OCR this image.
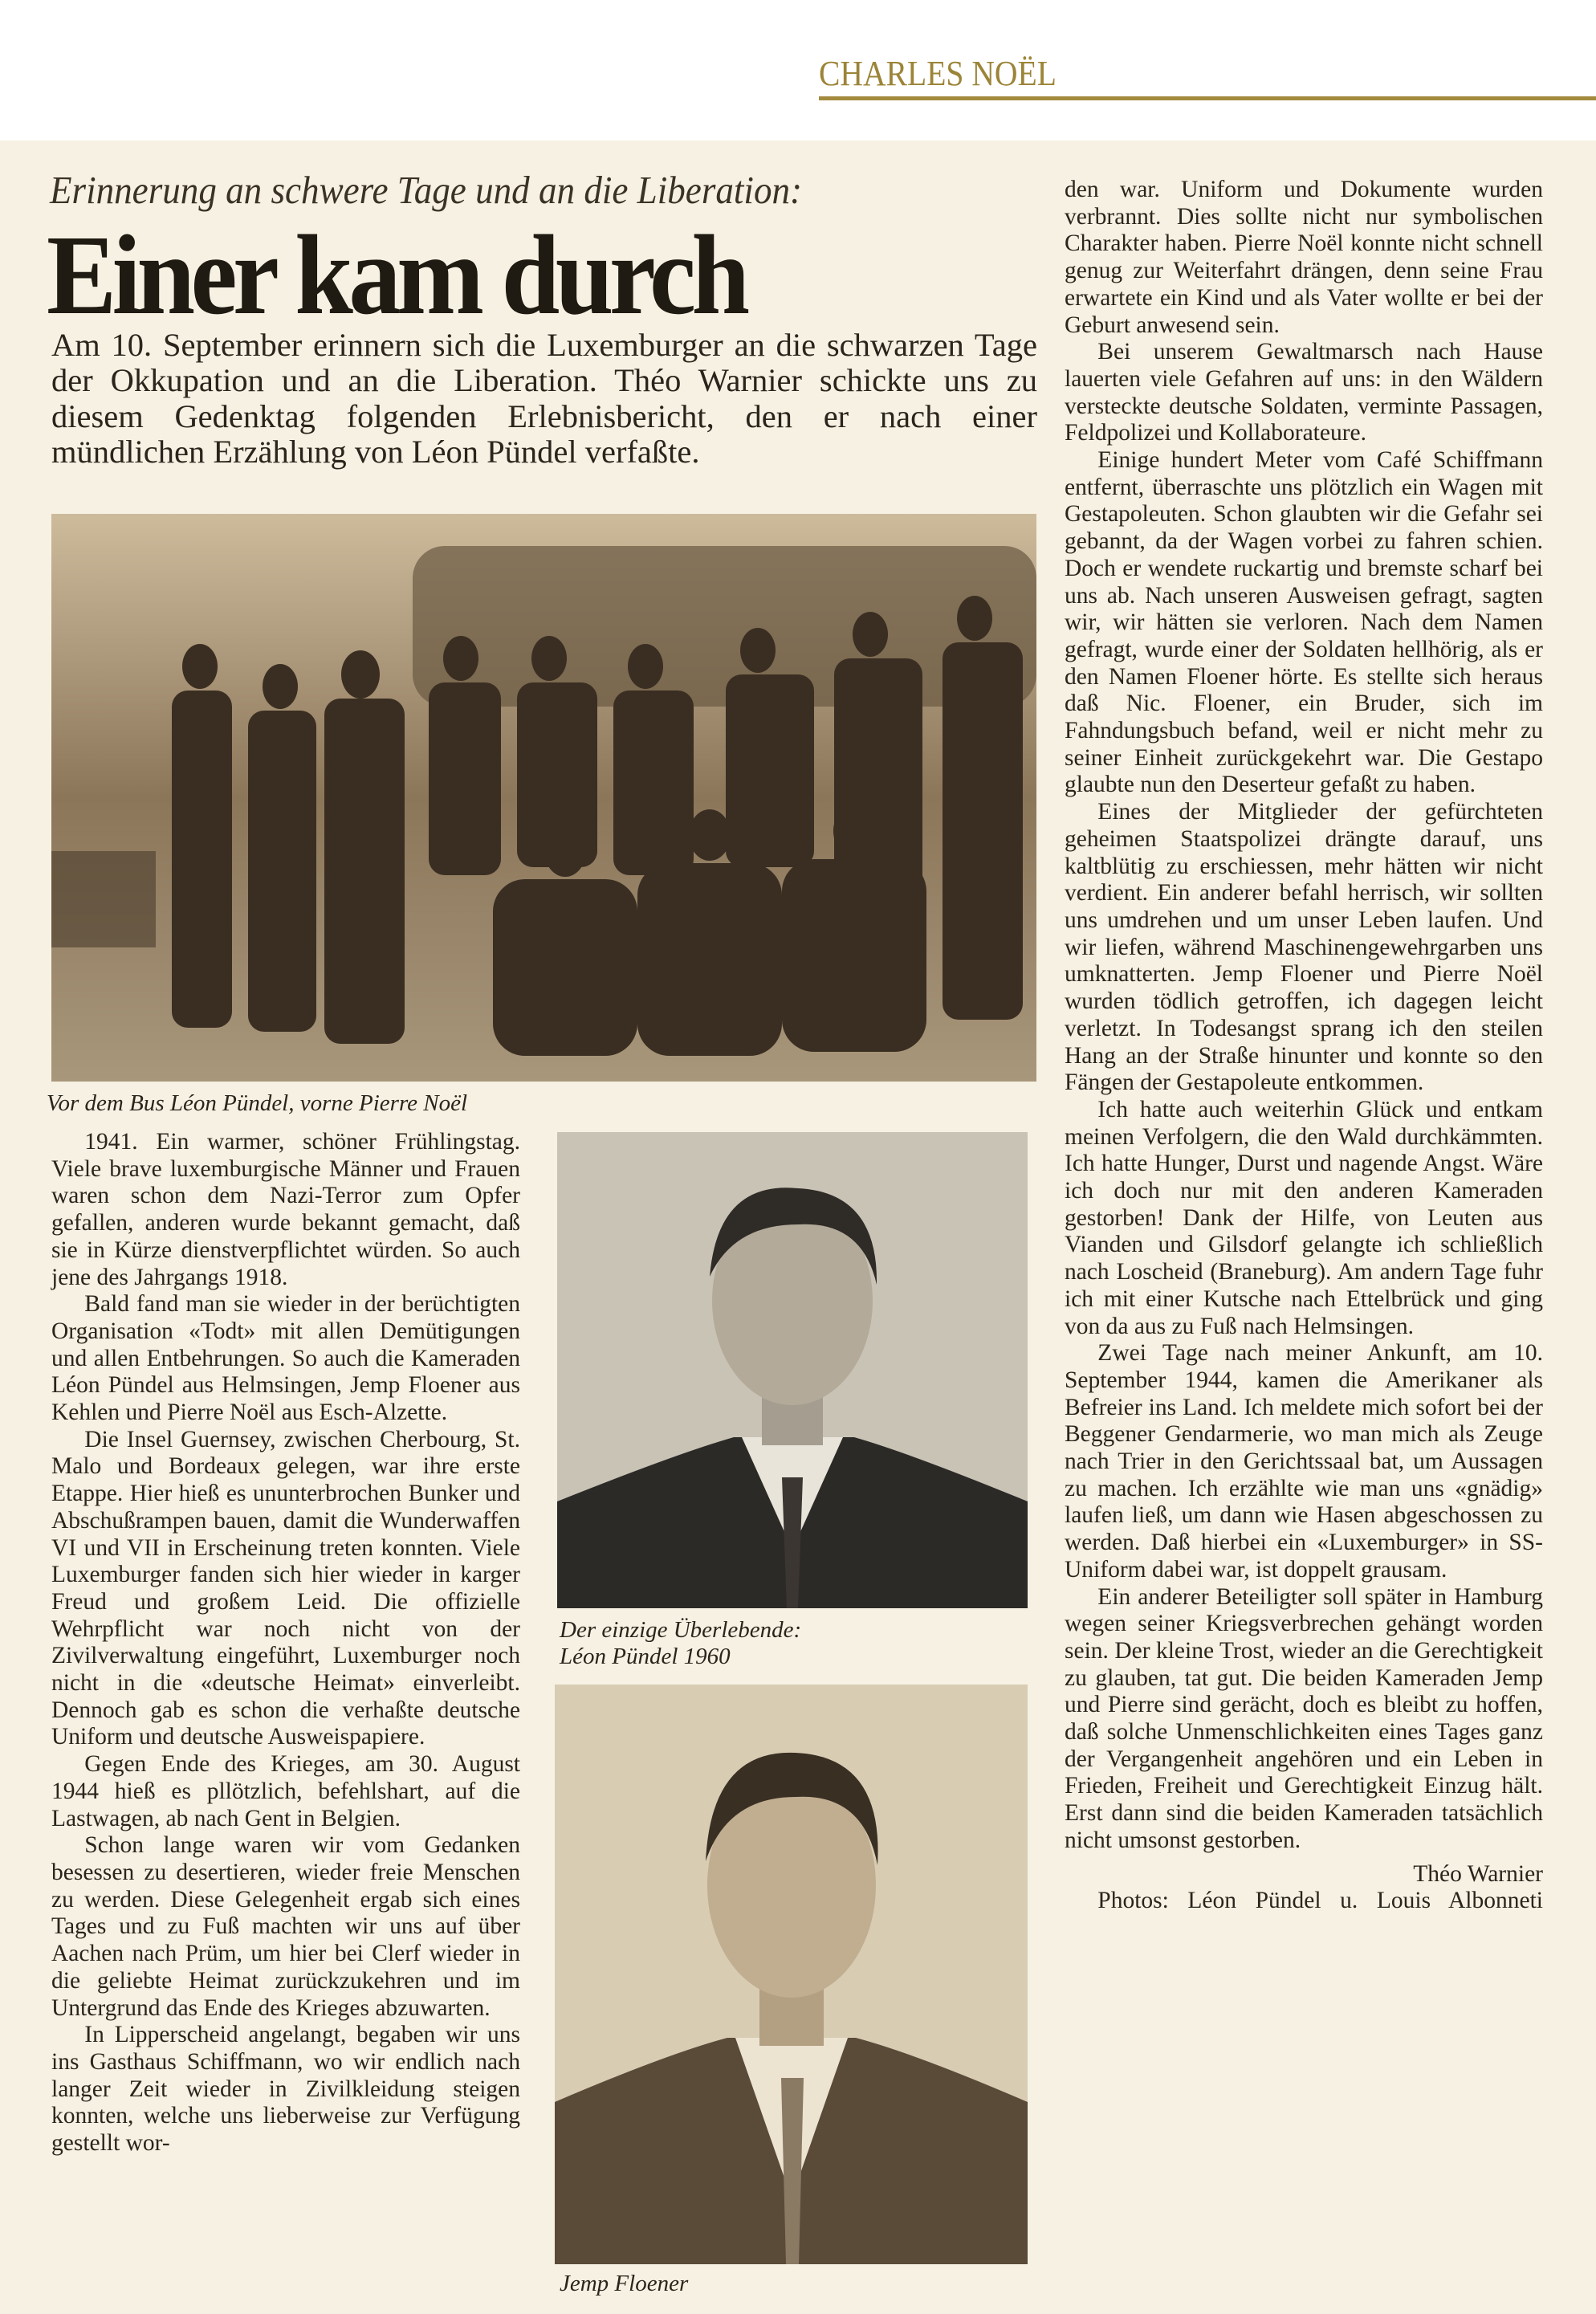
CHARLES NOËL
Erinnerung an schwere Tage und an die Liberation:
Einer kam durch
Am 10. September erinnern sich die Luxemburger an die schwarzen Tage der Okkupation und an die Liberation. Théo Warnier schickte uns zu diesem Gedenktag folgenden Erlebnisbericht, den er nach einer mündlichen Erzählung von Léon Pündel verfaßte.
Vor dem Bus Léon Pündel, vorne Pierre Noël
Der einzige Überlebende:
Léon Pündel 1960
Jemp Floener

1941. Ein warmer, schöner Frühlingstag. Viele brave luxemburgische Männer und Frauen waren schon dem Nazi-Terror zum Opfer gefallen, anderen wurde bekannt gemacht, daß sie in Kürze dienstverpflichtet würden. So auch jene des Jahrgangs 1918.

Bald fand man sie wieder in der berüchtigten Organisation «Todt» mit allen Demütigungen und allen Entbehrungen. So auch die Kameraden Léon Pündel aus Helmsingen, Jemp Floener aus Kehlen und Pierre Noël aus Esch-Alzette.

Die Insel Guernsey, zwischen Cherbourg, St. Malo und Bordeaux gelegen, war ihre erste Etappe. Hier hieß es ununterbrochen Bunker und Abschußrampen bauen, damit die Wunderwaffen VI und VII in Erscheinung treten konnten. Viele Luxemburger fanden sich hier wieder in karger Freud und großem Leid. Die offizielle Wehrpflicht war noch nicht von der Zivilverwaltung eingeführt, Luxemburger noch nicht in die «deutsche Heimat» einverleibt. Dennoch gab es schon die verhaßte deutsche Uniform und deutsche Ausweispapiere.

Gegen Ende des Krieges, am 30. August 1944 hieß es pllötzlich, befehlshart, auf die Lastwagen, ab nach Gent in Belgien.

Schon lange waren wir vom Gedanken besessen zu desertieren, wieder freie Menschen zu werden. Diese Gelegenheit ergab sich eines Tages und zu Fuß machten wir uns auf über Aachen nach Prüm, um hier bei Clerf wieder in die geliebte Heimat zurückzukehren und im Untergrund das Ende des Krieges abzuwarten.

In Lipperscheid angelangt, begaben wir uns ins Gasthaus Schiffmann, wo wir endlich nach langer Zeit wieder in Zivilkleidung steigen konnten, welche uns lieberweise zur Verfügung gestellt wor-

den war. Uniform und Dokumente wurden verbrannt. Dies sollte nicht nur symbolischen Charakter haben. Pierre Noël konnte nicht schnell genug zur Weiterfahrt drängen, denn seine Frau erwartete ein Kind und als Vater wollte er bei der Geburt anwesend sein.

Bei unserem Gewaltmarsch nach Hause lauerten viele Gefahren auf uns: in den Wäldern versteckte deutsche Soldaten, verminte Passagen, Feldpolizei und Kollaborateure.

Einige hundert Meter vom Café Schiffmann entfernt, überraschte uns plötzlich ein Wagen mit Gestapoleuten. Schon glaubten wir die Gefahr sei gebannt, da der Wagen vorbei zu fahren schien. Doch er wendete ruckartig und bremste scharf bei uns ab. Nach unseren Ausweisen gefragt, sagten wir, wir hätten sie verloren. Nach dem Namen gefragt, wurde einer der Soldaten hellhörig, als er den Namen Floener hörte. Es stellte sich heraus daß Nic. Floener, ein Bruder, sich im Fahndungsbuch befand, weil er nicht mehr zu seiner Einheit zurückgekehrt war. Die Gestapo glaubte nun den Deserteur gefaßt zu haben.

Eines der Mitglieder der gefürchteten geheimen Staatspolizei drängte darauf, uns kaltblütig zu erschiessen, mehr hätten wir nicht verdient. Ein anderer befahl herrisch, wir sollten uns umdrehen und um unser Leben laufen. Und wir liefen, während Maschinengewehrgarben uns umknatterten. Jemp Floener und Pierre Noël wurden tödlich getroffen, ich dagegen leicht verletzt. In Todesangst sprang ich den steilen Hang an der Straße hinunter und konnte so den Fängen der Gestapoleute entkommen.

Ich hatte auch weiterhin Glück und entkam meinen Verfolgern, die den Wald durchkämmten. Ich hatte Hunger, Durst und nagende Angst. Wäre ich doch nur mit den anderen Kameraden gestorben! Dank der Hilfe, von Leuten aus Vianden und Gilsdorf gelangte ich schließlich nach Loscheid (Braneburg). Am andern Tage fuhr ich mit einer Kutsche nach Ettelbrück und ging von da aus zu Fuß nach Helmsingen.

Zwei Tage nach meiner Ankunft, am 10. September 1944, kamen die Amerikaner als Befreier ins Land. Ich meldete mich sofort bei der Beggener Gendarmerie, wo man mich als Zeuge nach Trier in den Gerichtssaal bat, um Aussagen zu machen. Ich erzählte wie man uns «gnädig» laufen ließ, um dann wie Hasen abgeschossen zu werden. Daß hierbei ein «Luxemburger» in SS-Uniform dabei war, ist doppelt grausam.

Ein anderer Beteiligter soll später in Hamburg wegen seiner Kriegsverbrechen gehängt worden sein. Der kleine Trost, wieder an die Gerechtigkeit zu glauben, tat gut. Die beiden Kameraden Jemp und Pierre sind gerächt, doch es bleibt zu hoffen, daß solche Unmenschlichkeiten eines Tages ganz der Vergangenheit angehören und ein Leben in Frieden, Freiheit und Gerechtigkeit Einzug hält. Erst dann sind die beiden Kameraden tatsächlich nicht umsonst gestorben.

Théo Warnier

Photos: Léon Pündel u. Louis Albonneti
